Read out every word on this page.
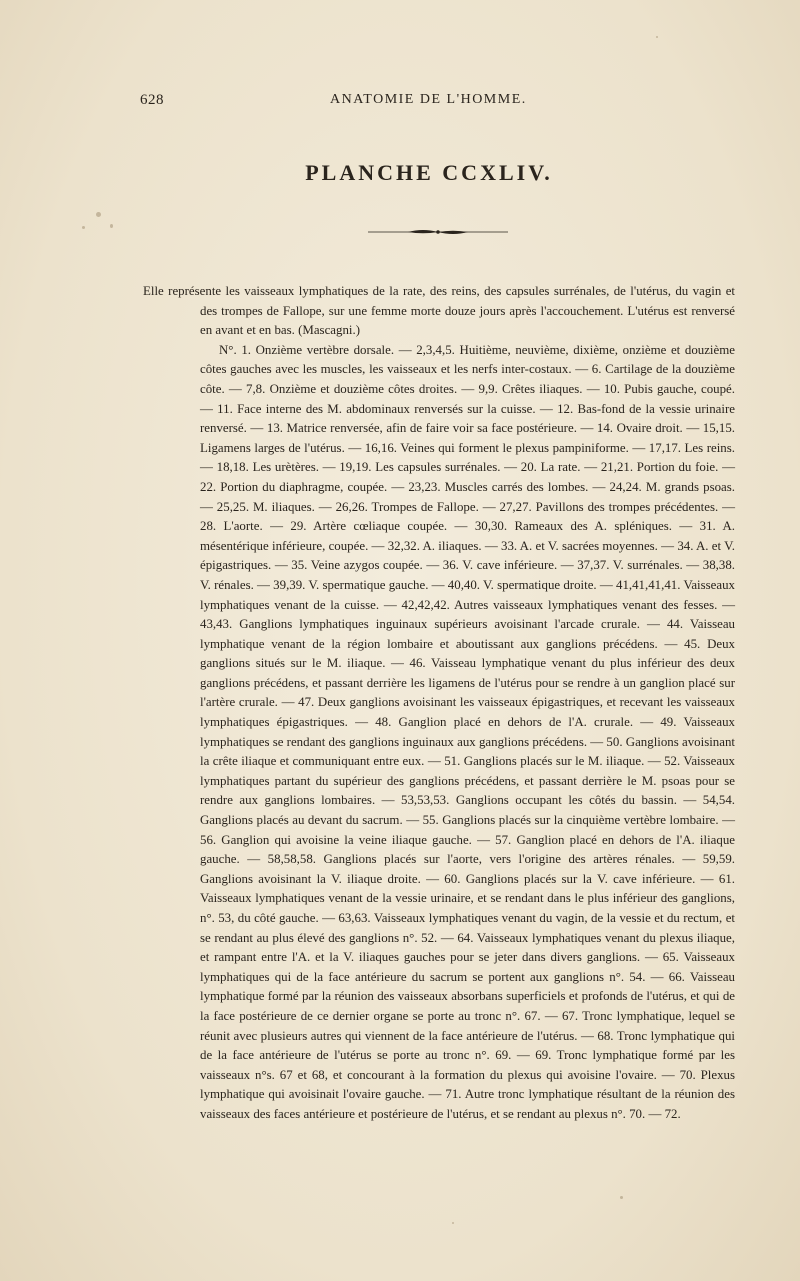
628	ANATOMIE DE L'HOMME.
PLANCHE CCXLIV.

Elle représente les vaisseaux lymphatiques de la rate, des reins, des capsules surrénales, de l'utérus, du vagin et des trompes de Fallope, sur une femme morte douze jours après l'accouchement. L'utérus est renversé en avant et en bas. (Mascagni.)

N°. 1. Onzième vertèbre dorsale. — 2,3,4,5. Huitième, neuvième, dixième, onzième et douzième côtes gauches avec les muscles, les vaisseaux et les nerfs inter-costaux. — 6. Cartilage de la douzième côte. — 7,8. Onzième et douzième côtes droites. — 9,9. Crêtes iliaques. — 10. Pubis gauche, coupé. — 11. Face interne des M. abdominaux renversés sur la cuisse. — 12. Bas-fond de la vessie urinaire renversé. — 13. Matrice renversée, afin de faire voir sa face postérieure. — 14. Ovaire droit. — 15,15. Ligamens larges de l'utérus. — 16,16. Veines qui forment le plexus pampiniforme. — 17,17. Les reins. — 18,18. Les urètères. — 19,19. Les capsules surrénales. — 20. La rate. — 21,21. Portion du foie. — 22. Portion du diaphragme, coupée. — 23,23. Muscles carrés des lombes. — 24,24. M. grands psoas. — 25,25. M. iliaques. — 26,26. Trompes de Fallope. — 27,27. Pavillons des trompes précédentes. — 28. L'aorte. — 29. Artère cœliaque coupée. — 30,30. Rameaux des A. spléniques. — 31. A. mésentérique inférieure, coupée. — 32,32. A. iliaques. — 33. A. et V. sacrées moyennes. — 34. A. et V. épigastriques. — 35. Veine azygos coupée. — 36. V. cave inférieure. — 37,37. V. surrénales. — 38,38. V. rénales. — 39,39. V. spermatique gauche. — 40,40. V. spermatique droite. — 41,41,41,41. Vaisseaux lymphatiques venant de la cuisse. — 42,42,42. Autres vaisseaux lymphatiques venant des fesses. — 43,43. Ganglions lymphatiques inguinaux supérieurs avoisinant l'arcade crurale. — 44. Vaisseau lymphatique venant de la région lombaire et aboutissant aux ganglions précédens. — 45. Deux ganglions situés sur le M. iliaque. — 46. Vaisseau lymphatique venant du plus inférieur des deux ganglions précédens, et passant derrière les ligamens de l'utérus pour se rendre à un ganglion placé sur l'artère crurale. — 47. Deux ganglions avoisinant les vaisseaux épigastriques, et recevant les vaisseaux lymphatiques épigastriques. — 48. Ganglion placé en dehors de l'A. crurale. — 49. Vaisseaux lymphatiques se rendant des ganglions inguinaux aux ganglions précédens. — 50. Ganglions avoisinant la crête iliaque et communiquant entre eux. — 51. Ganglions placés sur le M. iliaque. — 52. Vaisseaux lymphatiques partant du supérieur des ganglions précédens, et passant derrière le M. psoas pour se rendre aux ganglions lombaires. — 53,53,53. Ganglions occupant les côtés du bassin. — 54,54. Ganglions placés au devant du sacrum. — 55. Ganglions placés sur la cinquième vertèbre lombaire. — 56. Ganglion qui avoisine la veine iliaque gauche. — 57. Ganglion placé en dehors de l'A. iliaque gauche. — 58,58,58. Ganglions placés sur l'aorte, vers l'origine des artères rénales. — 59,59. Ganglions avoisinant la V. iliaque droite. — 60. Ganglions placés sur la V. cave inférieure. — 61. Vaisseaux lymphatiques venant de la vessie urinaire, et se rendant dans le plus inférieur des ganglions, n°. 53, du côté gauche. — 63,63. Vaisseaux lymphatiques venant du vagin, de la vessie et du rectum, et se rendant au plus élevé des ganglions n°. 52. — 64. Vaisseaux lymphatiques venant du plexus iliaque, et rampant entre l'A. et la V. iliaques gauches pour se jeter dans divers ganglions. — 65. Vaisseaux lymphatiques qui de la face antérieure du sacrum se portent aux ganglions n°. 54. — 66. Vaisseau lymphatique formé par la réunion des vaisseaux absorbans superficiels et profonds de l'utérus, et qui de la face postérieure de ce dernier organe se porte au tronc n°. 67. — 67. Tronc lymphatique, lequel se réunit avec plusieurs autres qui viennent de la face antérieure de l'utérus. — 68. Tronc lymphatique qui de la face antérieure de l'utérus se porte au tronc n°. 69. — 69. Tronc lymphatique formé par les vaisseaux n°s. 67 et 68, et concourant à la formation du plexus qui avoisine l'ovaire. — 70. Plexus lymphatique qui avoisinait l'ovaire gauche. — 71. Autre tronc lymphatique résultant de la réunion des vaisseaux des faces antérieure et postérieure de l'utérus, et se rendant au plexus n°. 70. — 72.
